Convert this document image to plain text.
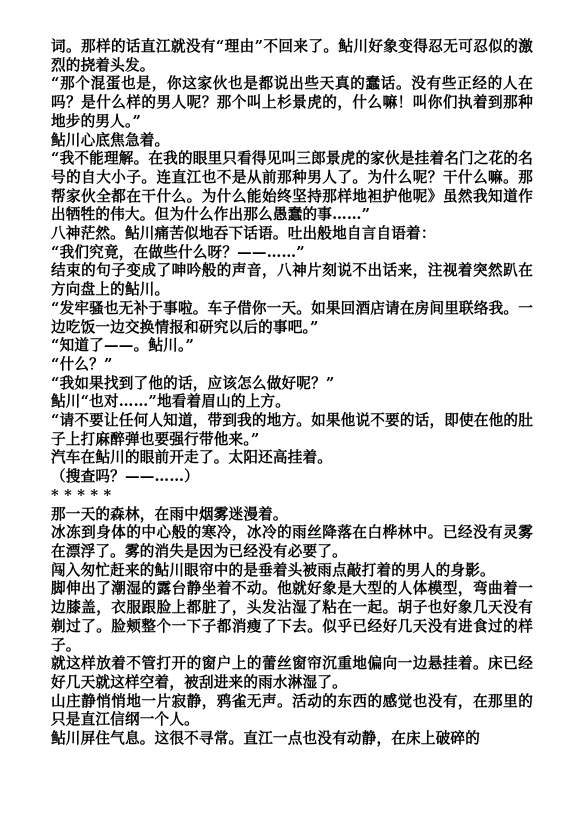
词。那样的话直江就没有“理由”不回来了。鲇川好象变得忍无可忍似的激烈的挠着头发。

“那个混蛋也是，你这家伙也是都说出些天真的蠢话。没有些正经的人在吗？是什么样的男人呢？那个叫上杉景虎的，什么嘛！叫你们执着到那种地步的男人。”

鲇川心底焦急着。

“我不能理解。在我的眼里只看得见叫三郎景虎的家伙是挂着名门之花的名号的自大小子。连直江也不是从前那种男人了。为什么呢？干什么嘛。那帮家伙全都在干什么。为什么能始终坚持那样地袒护他呢》虽然我知道作出牺牲的伟大。但为什么作出那么愚蠢的事……”

八神茫然。鲇川痛苦似地吞下话语。吐出般地自言自语着：

“我们究竟，在做些什么呀？——……”

结束的句子变成了呻吟般的声音，八神片刻说不出话来，注视着突然趴在方向盘上的鲇川。

“发牢骚也无补于事啦。车子借你一天。如果回酒店请在房间里联络我。一边吃饭一边交换情报和研究以后的事吧。”

“知道了——。鲇川。”

“什么？”

“我如果找到了他的话，应该怎么做好呢？”

鲇川“也对……”地看着眉山的上方。

“请不要让任何人知道，带到我的地方。如果他说不要的话，即使在他的肚子上打麻醉弹也要强行带他来。”

汽车在鲇川的眼前开走了。太阳还高挂着。

（搜查吗？——……）

* * * * *

那一天的森林，在雨中烟雾迷漫着。

冰冻到身体的中心般的寒冷，冰冷的雨丝降落在白桦林中。已经没有灵雾在漂浮了。雾的消失是因为已经没有必要了。

闯入匆忙赶来的鲇川眼帘中的是垂着头被雨点敲打着的男人的身影。

脚伸出了潮湿的露台静坐着不动。他就好象是大型的人体模型，弯曲着一边膝盖，衣服跟脸上都脏了，头发沾湿了粘在一起。胡子也好象几天没有剃过了。脸颊整个一下子都消瘦了下去。似乎已经好几天没有进食过的样子。

就这样放着不管打开的窗户上的蕾丝窗帘沉重地偏向一边悬挂着。床已经好几天就这样空着，被刮进来的雨水淋湿了。

山庄静悄悄地一片寂静，鸦雀无声。活动的东西的感觉也没有，在那里的只是直江信纲一个人。

鲇川屏住气息。这很不寻常。直江一点也没有动静，在床上破碎的
